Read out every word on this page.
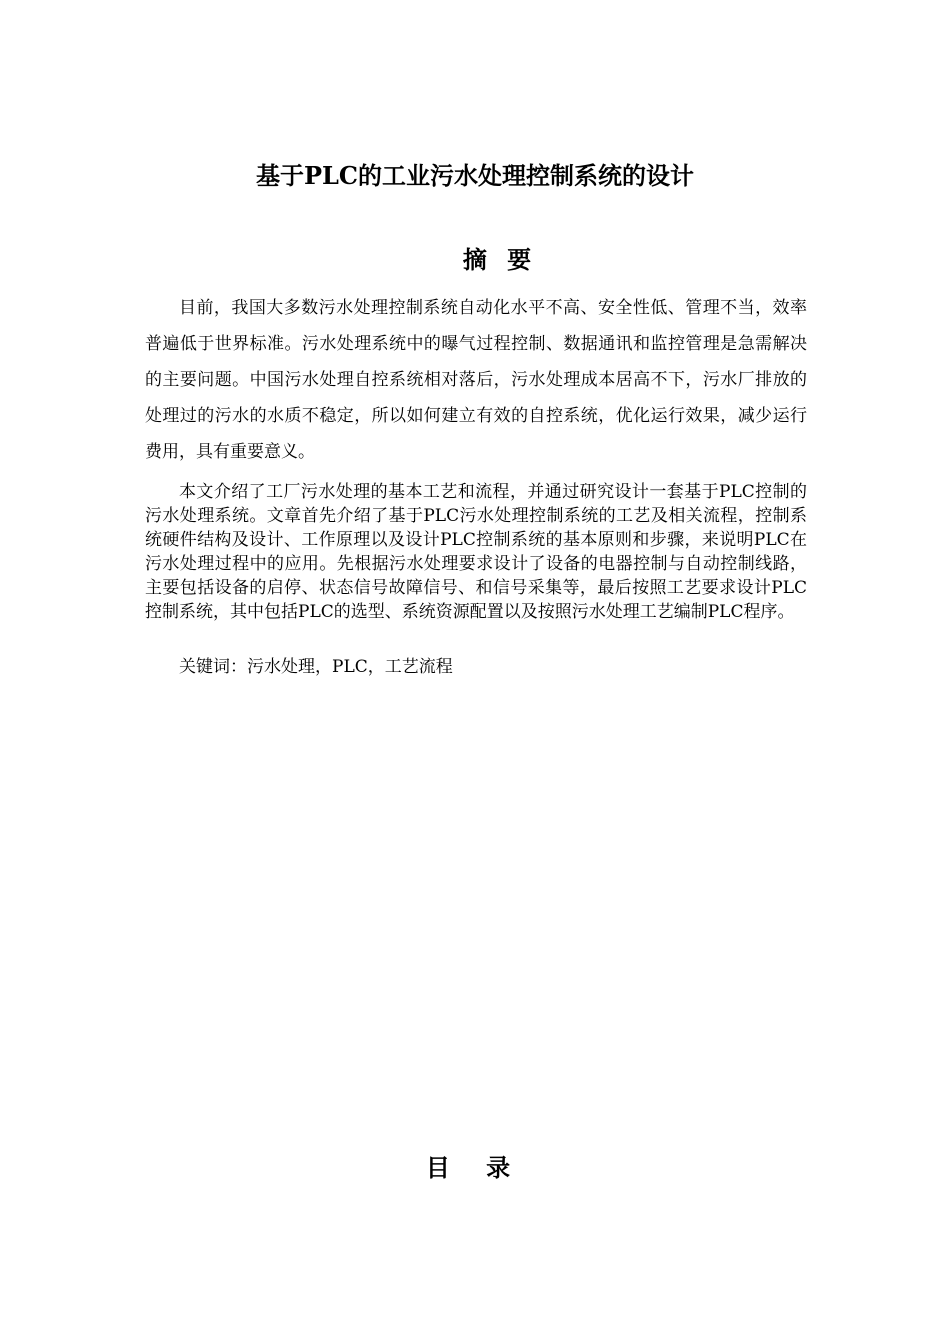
基于PLC的工业污水处理控制系统的设计
摘 要

目前，我国大多数污水处理控制系统自动化水平不高、安全性低、管理不当，效率普遍低于世界标准。污水处理系统中的曝气过程控制、数据通讯和监控管理是急需解决的主要问题。中国污水处理自控系统相对落后，污水处理成本居高不下，污水厂排放的处理过的污水的水质不稳定，所以如何建立有效的自控系统，优化运行效果，减少运行费用，具有重要意义。

本文介绍了工厂污水处理的基本工艺和流程，并通过研究设计一套基于PLC控制的污水处理系统。文章首先介绍了基于PLC污水处理控制系统的工艺及相关流程，控制系统硬件结构及设计、工作原理以及设计PLC控制系统的基本原则和步骤，来说明PLC在污水处理过程中的应用。先根据污水处理要求设计了设备的电器控制与自动控制线路，主要包括设备的启停、状态信号故障信号、和信号采集等，最后按照工艺要求设计PLC控制系统，其中包括PLC的选型、系统资源配置以及按照污水处理工艺编制PLC程序。

关键词：污水处理，PLC，工艺流程

目 录
